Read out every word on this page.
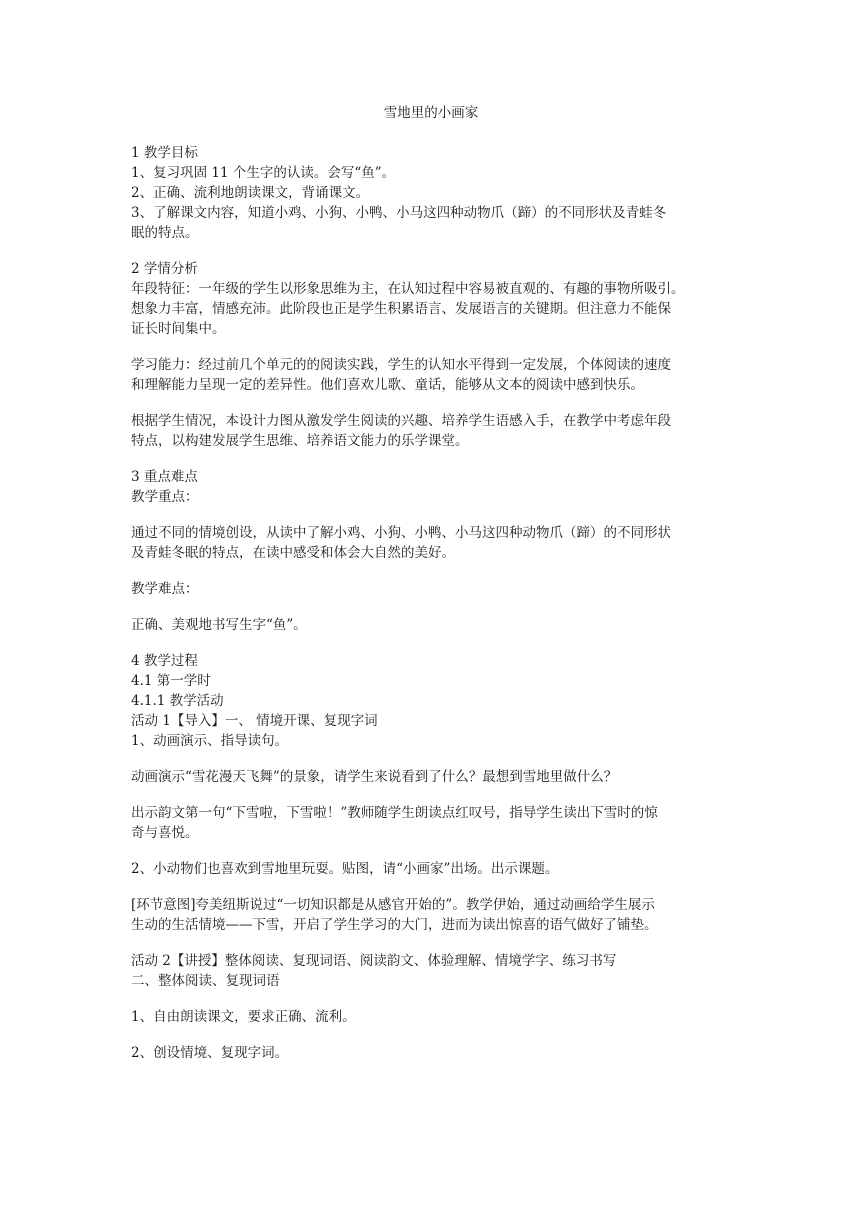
雪地里的小画家
1 教学目标
1、复习巩固 11 个生字的认读。会写“鱼”。
2、正确、流利地朗读课文，背诵课文。
3、了解课文内容，知道小鸡、小狗、小鸭、小马这四种动物爪（蹄）的不同形状及青蛙冬
眠的特点。
2 学情分析
年段特征：一年级的学生以形象思维为主，在认知过程中容易被直观的、有趣的事物所吸引。
想象力丰富，情感充沛。此阶段也正是学生积累语言、发展语言的关键期。但注意力不能保
证长时间集中。
学习能力：经过前几个单元的的阅读实践，学生的认知水平得到一定发展，个体阅读的速度
和理解能力呈现一定的差异性。他们喜欢儿歌、童话，能够从文本的阅读中感到快乐。
根据学生情况，本设计力图从激发学生阅读的兴趣、培养学生语感入手，在教学中考虑年段
特点，以构建发展学生思维、培养语文能力的乐学课堂。
3 重点难点
教学重点：
通过不同的情境创设，从读中了解小鸡、小狗、小鸭、小马这四种动物爪（蹄）的不同形状
及青蛙冬眠的特点，在读中感受和体会大自然的美好。
教学难点：
正确、美观地书写生字“鱼”。
4 教学过程
4.1 第一学时
4.1.1 教学活动
活动 1【导入】一、 情境开课、复现字词
1、动画演示、指导读句。
动画演示“雪花漫天飞舞”的景象，请学生来说看到了什么？最想到雪地里做什么？
出示韵文第一句“下雪啦，下雪啦！”教师随学生朗读点红叹号，指导学生读出下雪时的惊
奇与喜悦。
2、小动物们也喜欢到雪地里玩耍。贴图，请“小画家”出场。出示课题。
[环节意图]夸美纽斯说过“一切知识都是从感官开始的”。教学伊始，通过动画给学生展示
生动的生活情境——下雪，开启了学生学习的大门，进而为读出惊喜的语气做好了铺垫。
活动 2【讲授】整体阅读、复现词语、阅读韵文、体验理解、情境学字、练习书写
二、整体阅读、复现词语
1、自由朗读课文，要求正确、流利。
2、创设情境、复现字词。
